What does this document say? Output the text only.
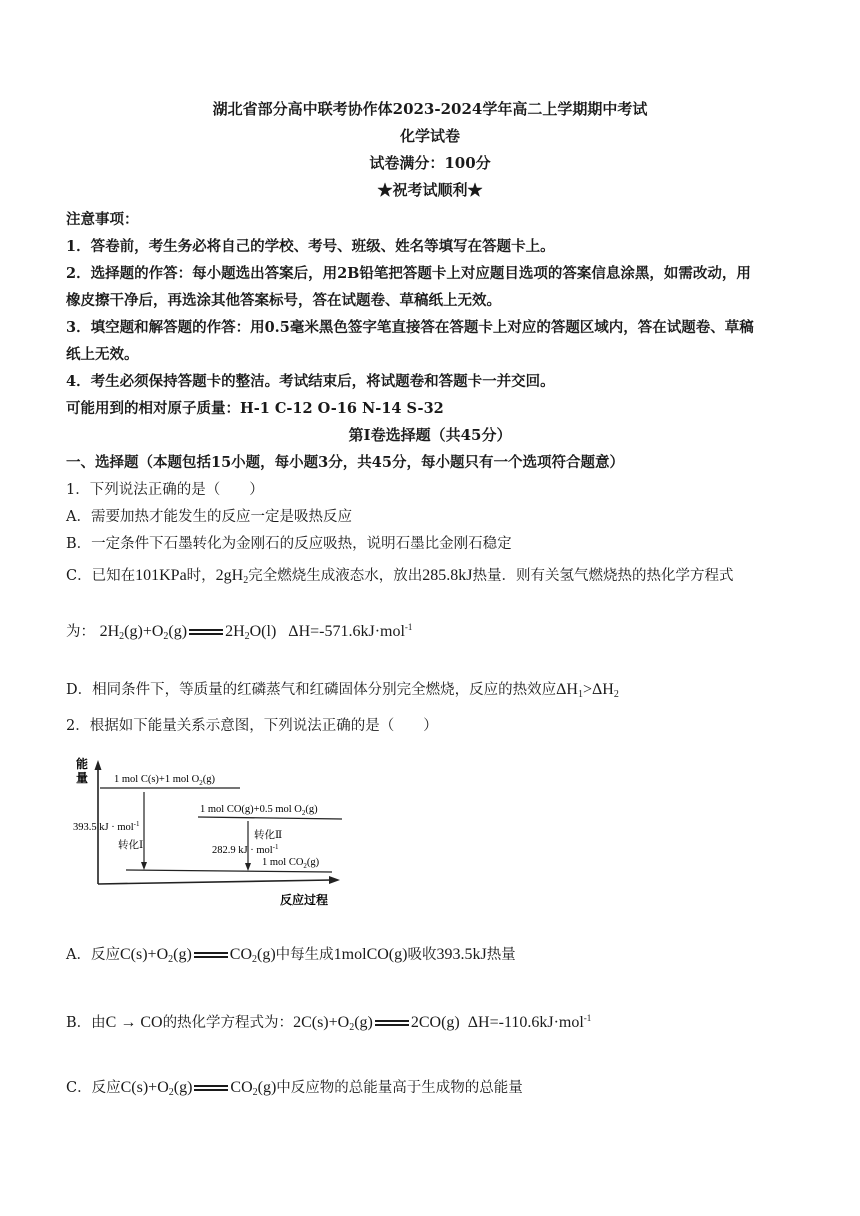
湖北省部分高中联考协作体2023-2024学年高二上学期期中考试
化学试卷
试卷满分：100分
★祝考试顺利★
注意事项：
1．答卷前，考生务必将自己的学校、考号、班级、姓名等填写在答题卡上。
2．选择题的作答：每小题选出答案后，用2B铅笔把答题卡上对应题目选项的答案信息涂黑，如需改动，用
橡皮擦干净后，再选涂其他答案标号，答在试题卷、草稿纸上无效。
3．填空题和解答题的作答：用0.5毫米黑色签字笔直接答在答题卡上对应的答题区域内，答在试题卷、草稿
纸上无效。
4．考生必须保持答题卡的整洁。考试结束后，将试题卷和答题卡一并交回。
可能用到的相对原子质量：H-1 C-12 O-16 N-14 S-32
第Ⅰ卷选择题（共45分）
一、选择题（本题包括15小题，每小题3分，共45分，每小题只有一个选项符合题意）
1．下列说法正确的是（　　）
A．需要加热才能发生的反应一定是吸热反应
B．一定条件下石墨转化为金刚石的反应吸热，说明石墨比金刚石稳定
C．已知在101KPa时，$2gH_2$完全燃烧生成液态水，放出285.8kJ热量．则有关氢气燃烧热的热化学方程式
为： $2H_2(g)+O_2(g)$ $2H_2O(l)$ ΔH=-571.6kJ·mol$^{-1}$
D．相同条件下，等质量的红磷蒸气和红磷固体分别完全燃烧，反应的热效应$\Delta H_1>\Delta H_2$
2．根据如下能量关系示意图，下列说法正确的是（　　）
能
量
反应过程
1 mol C(s)+1 mol $O_2(g)$
1 mol CO(g)+0.5 mol $O_2(g)$
1 mol $CO_2(g)$
393.5 kJ · mol$^{-1}$
转化Ⅰ
转化Ⅱ
282.9 kJ · mol$^{-1}$
A．反应$C(s)+O_2(g)$ $CO_2(g)$中每生成1molCO(g)吸收393.5kJ热量
B．由C → CO的热化学方程式为：$2C(s)+O_2(g)$ 2CO(g) ΔH=-110.6kJ·mol$^{-1}$
C．反应$C(s)+O_2(g)$ $CO_2(g)$中反应物的总能量高于生成物的总能量
